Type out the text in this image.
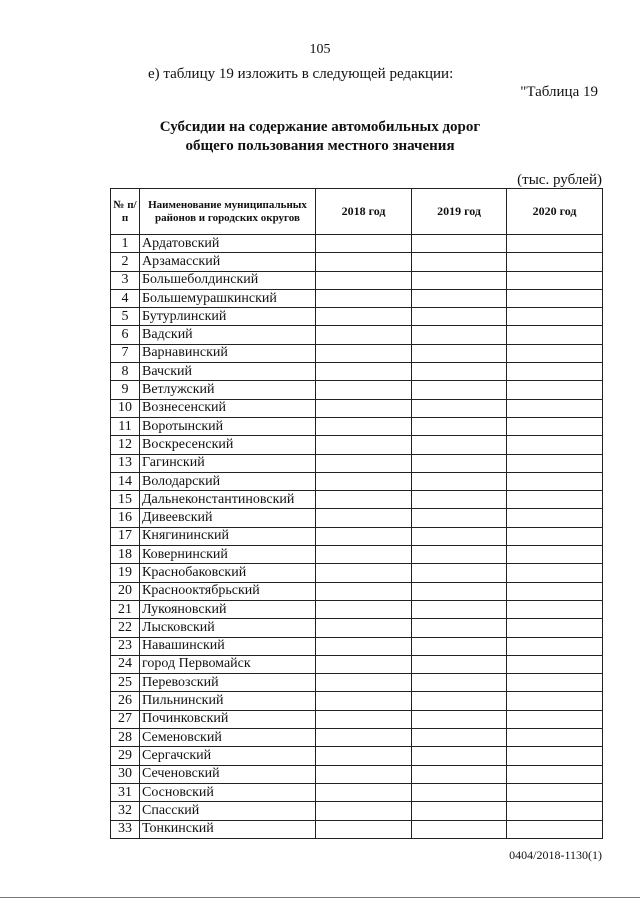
105
е) таблицу 19 изложить в следующей редакции:
"Таблица 19
Субсидии на содержание автомобильных дорог
общего пользования местного значения
(тыс. рублей)
№ п/п	Наименование муниципальных районов и городских округов	2018 год	2019 год	2020 год
1	Ардатовский			
2	Арзамасский			
3	Большеболдинский			
4	Большемурашкинский			
5	Бутурлинский			
6	Вадский			
7	Варнавинский			
8	Вачский			
9	Ветлужский			
10	Вознесенский			
11	Воротынский			
12	Воскресенский			
13	Гагинский			
14	Володарский			
15	Дальнеконстантиновский			
16	Дивеевский			
17	Княгининский			
18	Ковернинский			
19	Краснобаковский			
20	Краснооктябрьский			
21	Лукояновский			
22	Лысковский			
23	Навашинский			
24	город Первомайск			
25	Перевозский			
26	Пильнинский			
27	Починковский			
28	Семеновский			
29	Сергачский			
30	Сеченовский			
31	Сосновский			
32	Спасский			
33	Тонкинский			
0404/2018-1130(1)
